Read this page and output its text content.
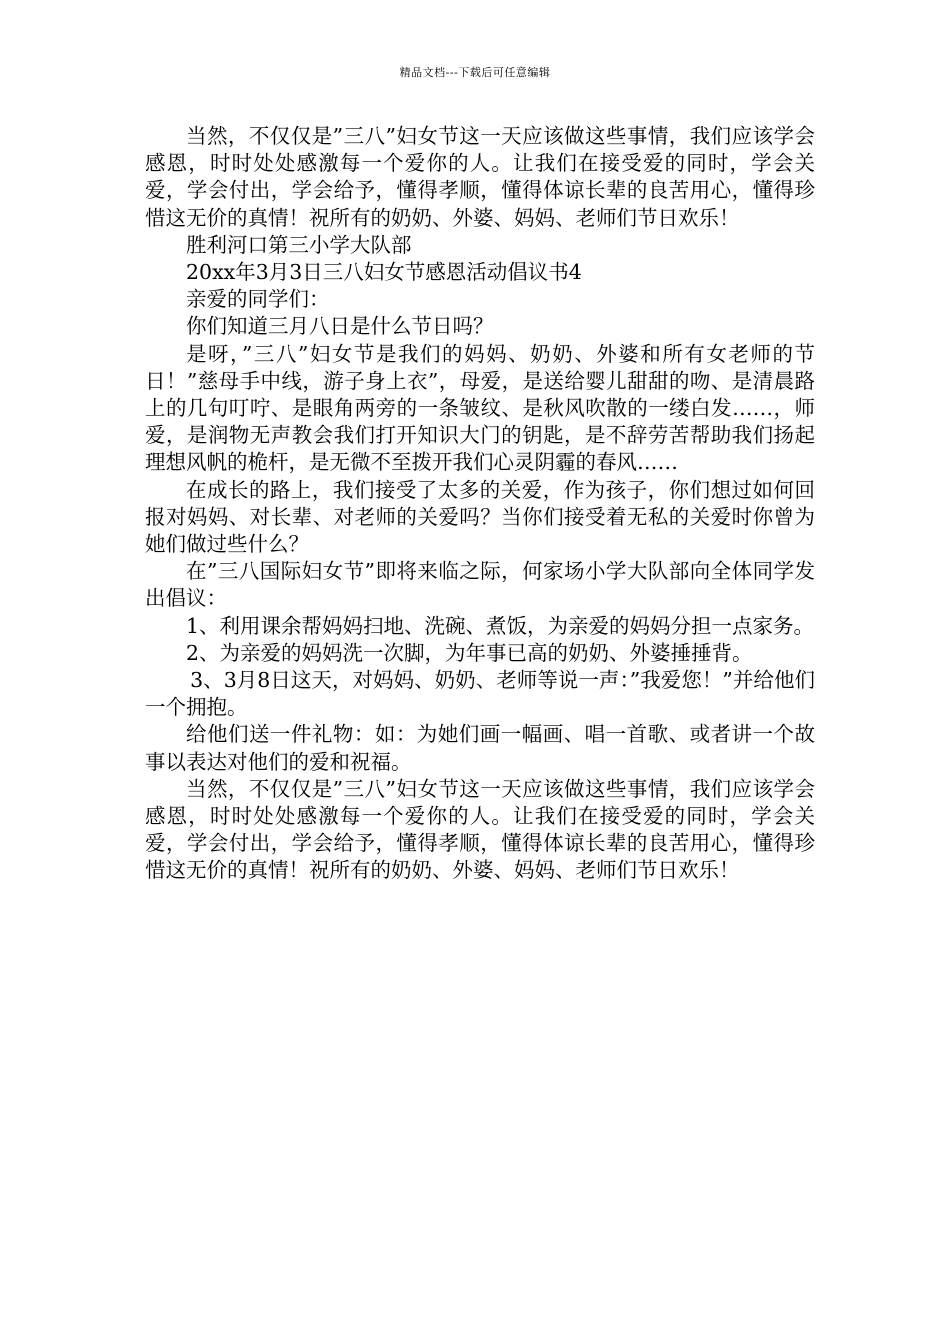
精品文档---下载后可任意编辑

当然，不仅仅是”三八”妇女节这一天应该做这些事情，我们应该学会感恩，时时处处感激每一个爱你的人。让我们在接受爱的同时，学会关爱，学会付出，学会给予，懂得孝顺，懂得体谅长辈的良苦用心，懂得珍惜这无价的真情！祝所有的奶奶、外婆、妈妈、老师们节日欢乐！

胜利河口第三小学大队部

20xx年3月3日三八妇女节感恩活动倡议书4

亲爱的同学们：

你们知道三月八日是什么节日吗？

是呀，”三八”妇女节是我们的妈妈、奶奶、外婆和所有女老师的节日！”慈母手中线，游子身上衣”，母爱，是送给婴儿甜甜的吻、是清晨路上的几句叮咛、是眼角两旁的一条皱纹、是秋风吹散的一缕白发……，师爱，是润物无声教会我们打开知识大门的钥匙，是不辞劳苦帮助我们扬起理想风帆的桅杆，是无微不至拨开我们心灵阴霾的春风……

在成长的路上，我们接受了太多的关爱，作为孩子，你们想过如何回报对妈妈、对长辈、对老师的关爱吗？当你们接受着无私的关爱时你曾为她们做过些什么？

在”三八国际妇女节”即将来临之际，何家场小学大队部向全体同学发出倡议：

1、利用课余帮妈妈扫地、洗碗、煮饭，为亲爱的妈妈分担一点家务。

2、为亲爱的妈妈洗一次脚，为年事已高的奶奶、外婆捶捶背。

3、3月8日这天，对妈妈、奶奶、老师等说一声：”我爱您！”并给他们一个拥抱。

给他们送一件礼物：如：为她们画一幅画、唱一首歌、或者讲一个故事以表达对他们的爱和祝福。

当然，不仅仅是”三八”妇女节这一天应该做这些事情，我们应该学会感恩，时时处处感激每一个爱你的人。让我们在接受爱的同时，学会关爱，学会付出，学会给予，懂得孝顺，懂得体谅长辈的良苦用心，懂得珍惜这无价的真情！祝所有的奶奶、外婆、妈妈、老师们节日欢乐！
